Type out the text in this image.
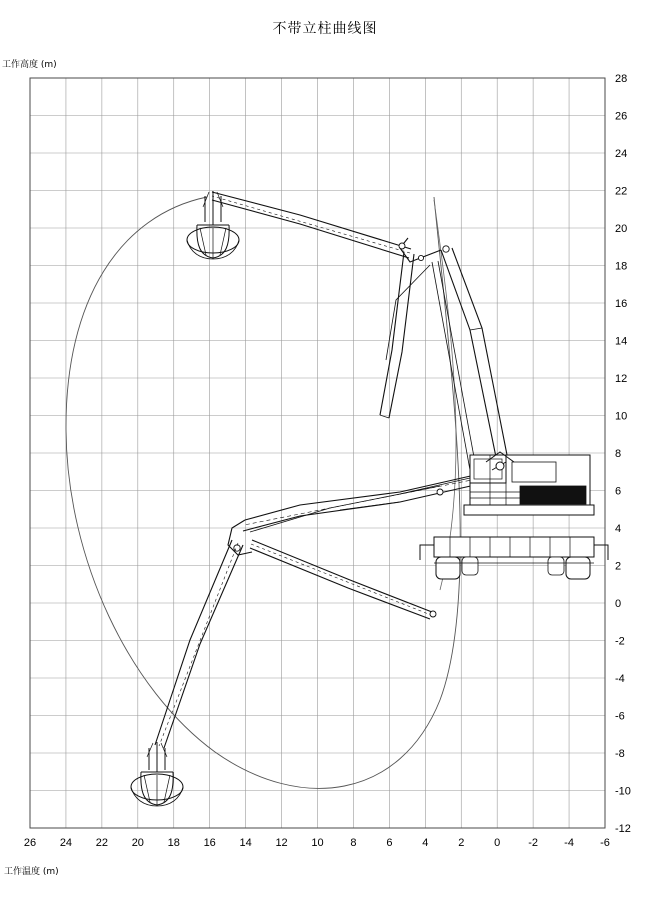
不带立柱曲线图
工作高度 (m)
工作温度 (m)
26 24 22 20 18 16 14 12 10 8	6	4	2	0	-2 -4 -6
28
26
24
22
20
18
16
14
12
10
8
6
4
2
0
-2
-4
-6
-8
-10
-12
